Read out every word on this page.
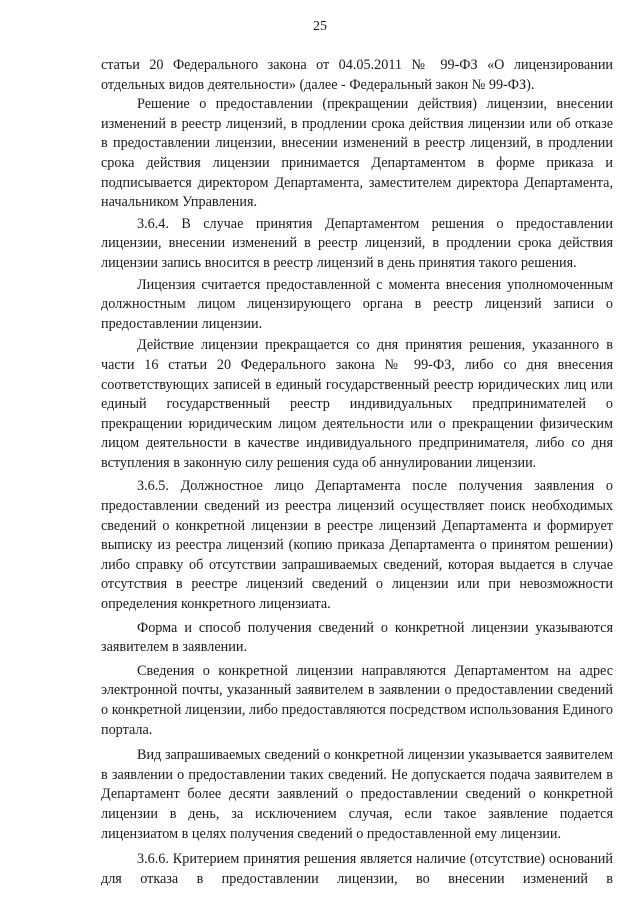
25

статьи 20 Федерального закона от 04.05.2011 № 99-ФЗ «О лицензировании отдельных видов деятельности» (далее - Федеральный закон № 99-ФЗ).

Решение о предоставлении (прекращении действия) лицензии, внесении изменений в реестр лицензий, в продлении срока действия лицензии или об отказе в предоставлении лицензии, внесении изменений в реестр лицензий, в продлении срока действия лицензии принимается Департаментом в форме приказа и подписывается директором Департамента, заместителем директора Департамента, начальником Управления.

3.6.4. В случае принятия Департаментом решения о предоставлении лицензии, внесении изменений в реестр лицензий, в продлении срока действия лицензии запись вносится в реестр лицензий в день принятия такого решения.

Лицензия считается предоставленной с момента внесения уполномоченным должностным лицом лицензирующего органа в реестр лицензий записи о предоставлении лицензии.

Действие лицензии прекращается со дня принятия решения, указанного в части 16 статьи 20 Федерального закона № 99-ФЗ, либо со дня внесения соответствующих записей в единый государственный реестр юридических лиц или единый государственный реестр индивидуальных предпринимателей о прекращении юридическим лицом деятельности или о прекращении физическим лицом деятельности в качестве индивидуального предпринимателя, либо со дня вступления в законную силу решения суда об аннулировании лицензии.

3.6.5. Должностное лицо Департамента после получения заявления о предоставлении сведений из реестра лицензий осуществляет поиск необходимых сведений о конкретной лицензии в реестре лицензий Департамента и формирует выписку из реестра лицензий (копию приказа Департамента о принятом решении) либо справку об отсутствии запрашиваемых сведений, которая выдается в случае отсутствия в реестре лицензий сведений о лицензии или при невозможности определения конкретного лицензиата.

Форма и способ получения сведений о конкретной лицензии указываются заявителем в заявлении.

Сведения о конкретной лицензии направляются Департаментом на адрес электронной почты, указанный заявителем в заявлении о предоставлении сведений о конкретной лицензии, либо предоставляются посредством использования Единого портала.

Вид запрашиваемых сведений о конкретной лицензии указывается заявителем в заявлении о предоставлении таких сведений. Не допускается подача заявителем в Департамент более десяти заявлений о предоставлении сведений о конкретной лицензии в день, за исключением случая, если такое заявление подается лицензиатом в целях получения сведений о предоставленной ему лицензии.

3.6.6. Критерием принятия решения является наличие (отсутствие) оснований для отказа в предоставлении лицензии, во внесении изменений в
